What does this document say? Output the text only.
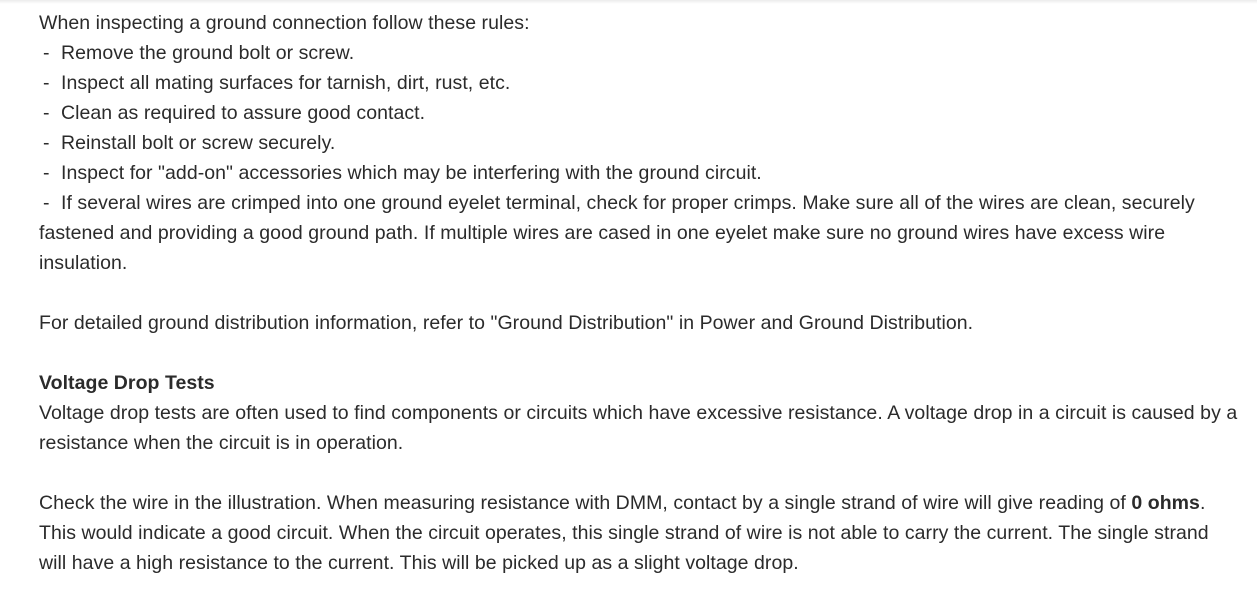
When inspecting a ground connection follow these rules:
- Remove the ground bolt or screw.
- Inspect all mating surfaces for tarnish, dirt, rust, etc.
- Clean as required to assure good contact.
- Reinstall bolt or screw securely.
- Inspect for "add-on" accessories which may be interfering with the ground circuit.
- If several wires are crimped into one ground eyelet terminal, check for proper crimps. Make sure all of the wires are clean, securely fastened and providing a good ground path. If multiple wires are cased in one eyelet make sure no ground wires have excess wire insulation.
For detailed ground distribution information, refer to "Ground Distribution" in Power and Ground Distribution.
Voltage Drop Tests
Voltage drop tests are often used to find components or circuits which have excessive resistance. A voltage drop in a circuit is caused by a resistance when the circuit is in operation.
Check the wire in the illustration. When measuring resistance with DMM, contact by a single strand of wire will give reading of 0 ohms. This would indicate a good circuit. When the circuit operates, this single strand of wire is not able to carry the current. The single strand will have a high resistance to the current. This will be picked up as a slight voltage drop.
